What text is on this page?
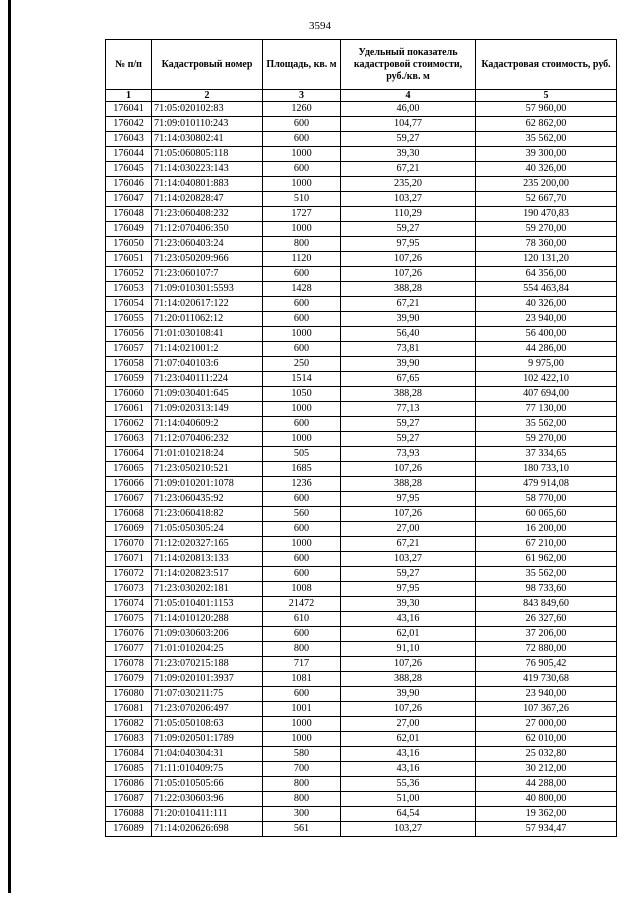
3594
№ п/п	Кадастровый номер	Площадь, кв. м	Удельный показатель кадастровой стоимости, руб./кв. м	Кадастровая стоимость, руб.
1	2	3	4	5
176041	71:05:020102:83	1260	46,00	57 960,00
176042	71:09:010110:243	600	104,77	62 862,00
176043	71:14:030802:41	600	59,27	35 562,00
176044	71:05:060805:118	1000	39,30	39 300,00
176045	71:14:030223:143	600	67,21	40 326,00
176046	71:14:040801:883	1000	235,20	235 200,00
176047	71:14:020828:47	510	103,27	52 667,70
176048	71:23:060408:232	1727	110,29	190 470,83
176049	71:12:070406:350	1000	59,27	59 270,00
176050	71:23:060403:24	800	97,95	78 360,00
176051	71:23:050209:966	1120	107,26	120 131,20
176052	71:23:060107:7	600	107,26	64 356,00
176053	71:09:010301:5593	1428	388,28	554 463,84
176054	71:14:020617:122	600	67,21	40 326,00
176055	71:20:011062:12	600	39,90	23 940,00
176056	71:01:030108:41	1000	56,40	56 400,00
176057	71:14:021001:2	600	73,81	44 286,00
176058	71:07:040103:6	250	39,90	9 975,00
176059	71:23:040111:224	1514	67,65	102 422,10
176060	71:09:030401:645	1050	388,28	407 694,00
176061	71:09:020313:149	1000	77,13	77 130,00
176062	71:14:040609:2	600	59,27	35 562,00
176063	71:12:070406:232	1000	59,27	59 270,00
176064	71:01:010218:24	505	73,93	37 334,65
176065	71:23:050210:521	1685	107,26	180 733,10
176066	71:09:010201:1078	1236	388,28	479 914,08
176067	71:23:060435:92	600	97,95	58 770,00
176068	71:23:060418:82	560	107,26	60 065,60
176069	71:05:050305:24	600	27,00	16 200,00
176070	71:12:020327:165	1000	67,21	67 210,00
176071	71:14:020813:133	600	103,27	61 962,00
176072	71:14:020823:517	600	59,27	35 562,00
176073	71:23:030202:181	1008	97,95	98 733,60
176074	71:05:010401:1153	21472	39,30	843 849,60
176075	71:14:010120:288	610	43,16	26 327,60
176076	71:09:030603:206	600	62,01	37 206,00
176077	71:01:010204:25	800	91,10	72 880,00
176078	71:23:070215:188	717	107,26	76 905,42
176079	71:09:020101:3937	1081	388,28	419 730,68
176080	71:07:030211:75	600	39,90	23 940,00
176081	71:23:070206:497	1001	107,26	107 367,26
176082	71:05:050108:63	1000	27,00	27 000,00
176083	71:09:020501:1789	1000	62,01	62 010,00
176084	71:04:040304:31	580	43,16	25 032,80
176085	71:11:010409:75	700	43,16	30 212,00
176086	71:05:010505:66	800	55,36	44 288,00
176087	71:22:030603:96	800	51,00	40 800,00
176088	71:20:010411:111	300	64,54	19 362,00
176089	71:14:020626:698	561	103,27	57 934,47
